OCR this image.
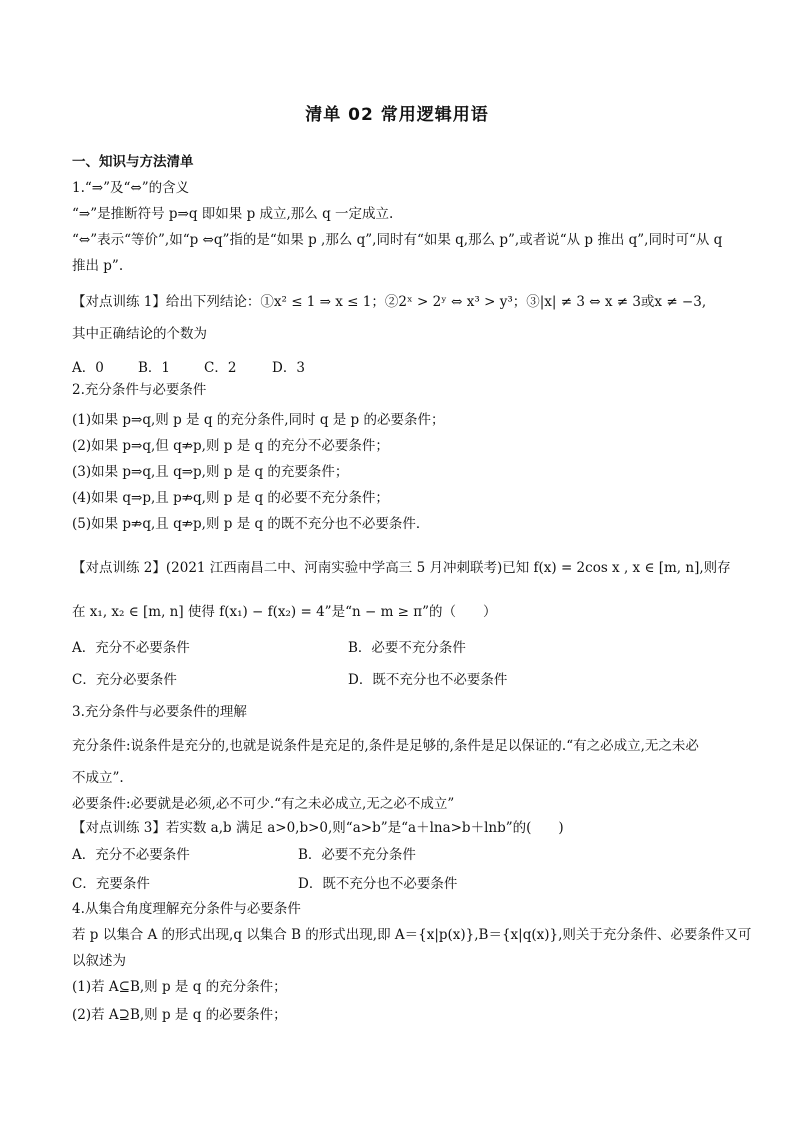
清单 02 常用逻辑用语
一、知识与方法清单
1.“⇒”及“⇔”的含义
“⇒”是推断符号 p⇒q 即如果 p 成立,那么 q 一定成立.
“⇔”表示“等价”,如“p ⇔q”指的是“如果 p ,那么 q”,同时有“如果 q,那么 p”,或者说“从 p 推出 q”,同时可“从 q
推出 p”.
【对点训练 1】给出下列结论：①x² ≤ 1 ⇒ x ≤ 1；②2ˣ > 2ʸ ⇔ x³ > y³；③|x| ≠ 3 ⇔ x ≠ 3或x ≠ −3,
其中正确结论的个数为
A．0	B．1	C．2	D．3
2.充分条件与必要条件
(1)如果 p⇒q,则 p 是 q 的充分条件,同时 q 是 p 的必要条件；
(2)如果 p⇒q,但 q⇏p,则 p 是 q 的充分不必要条件；
(3)如果 p⇒q,且 q⇒p,则 p 是 q 的充要条件；
(4)如果 q⇒p,且 p⇏q,则 p 是 q 的必要不充分条件；
(5)如果 p⇏q,且 q⇏p,则 p 是 q 的既不充分也不必要条件．
【对点训练 2】(2021 江西南昌二中、河南实验中学高三 5 月冲刺联考)已知 f(x) = 2cos x , x ∈ [m, n],则存
在 x₁, x₂ ∈ [m, n] 使得 f(x₁) − f(x₂) = 4”是“n − m ≥ π”的（　　）
A．充分不必要条件	B．必要不充分条件
C．充分必要条件	D．既不充分也不必要条件
3.充分条件与必要条件的理解
充分条件:说条件是充分的,也就是说条件是充足的,条件是足够的,条件是足以保证的.“有之必成立,无之未必
不成立”.
必要条件:必要就是必须,必不可少.“有之未必成立,无之必不成立”
【对点训练 3】若实数 a,b 满足 a>0,b>0,则“a>b”是“a＋lna>b＋lnb”的(　　)
A．充分不必要条件	B．必要不充分条件
C．充要条件	D．既不充分也不必要条件
4.从集合角度理解充分条件与必要条件
若 p 以集合 A 的形式出现,q 以集合 B 的形式出现,即 A＝{x|p(x)},B＝{x|q(x)},则关于充分条件、必要条件又可
以叙述为
(1)若 A⊆B,则 p 是 q 的充分条件；
(2)若 A⊇B,则 p 是 q 的必要条件；
